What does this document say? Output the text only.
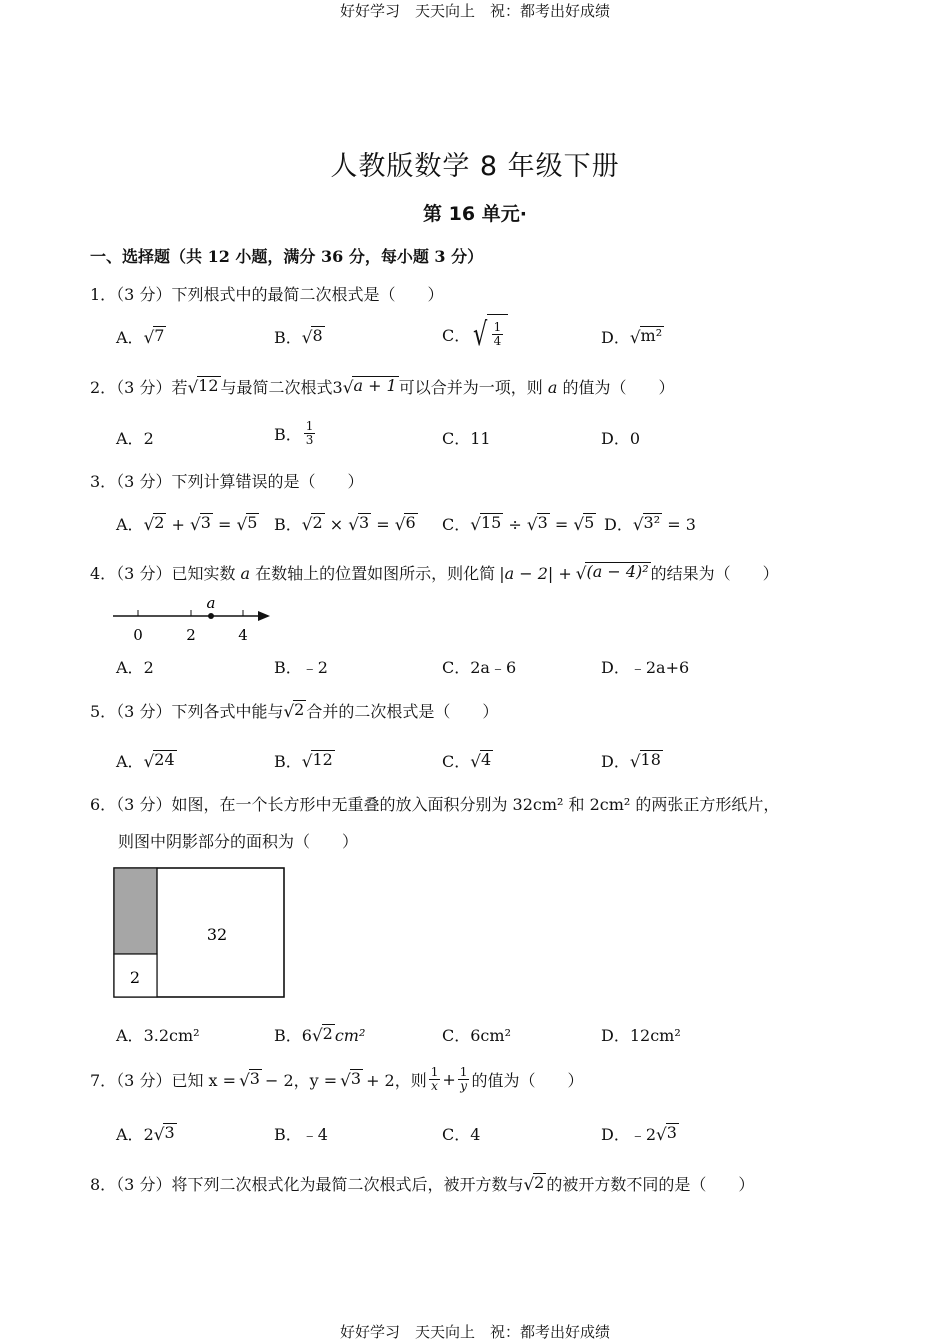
好好学习　天天向上　祝：都考出好成绩
人教版数学 8 年级下册
第 16 单元·
一、选择题（共 12 小题，满分 36 分，每小题 3 分）
1．（3 分）下列根式中的最简二次根式是（　　）
A． √ 7	B． √ 8	C． √ $\frac{1}{4}$	D． √ m²
2．（3 分）若 √ 12 与最简二次根式3 √ a + 1 可以合并为一项，则 a 的值为（　　）
A．2	B． $\frac{1}{3}$	C．11	D．0
3．（3 分）下列计算错误的是（　　）
A． √ 2 + √ 3 = √ 5 B． √ 2 × √ 3 = √ 6 C． √ 15 ÷ √ 3 = √ 5 D． √ 3² = 3
4．（3 分）已知实数 a 在数轴上的位置如图所示，则化简 |a − 2| + √ (a − 4)² 的结果为（　　）
a
0	2	4
A．2	B．﹣2	C．2a﹣6	D．﹣2a+6
5．（3 分）下列各式中能与 √ 2 合并的二次根式是（　　）
A． √ 24	B． √ 12	C． √ 4	D． √ 18
6．（3 分）如图，在一个长方形中无重叠的放入面积分别为 32cm² 和 2cm² 的两张正方形纸片，
则图中阴影部分的面积为（　　）
32
2
A．3.2cm²	B．6 √ 2 cm²	C．6cm²	D．12cm²
7．（3 分） 已知 x = √ 3 − 2，y = √ 3 + 2，则 $\frac{1}{x} + \frac{1}{y}$ 的值为（　　）
A．2 √ 3	B．﹣4	C．4	D．﹣2 √ 3
8．（3 分）将下列二次根式化为最简二次根式后，被开方数与 √ 2 的被开方数不同的是（　　）
好好学习　天天向上　祝：都考出好成绩
